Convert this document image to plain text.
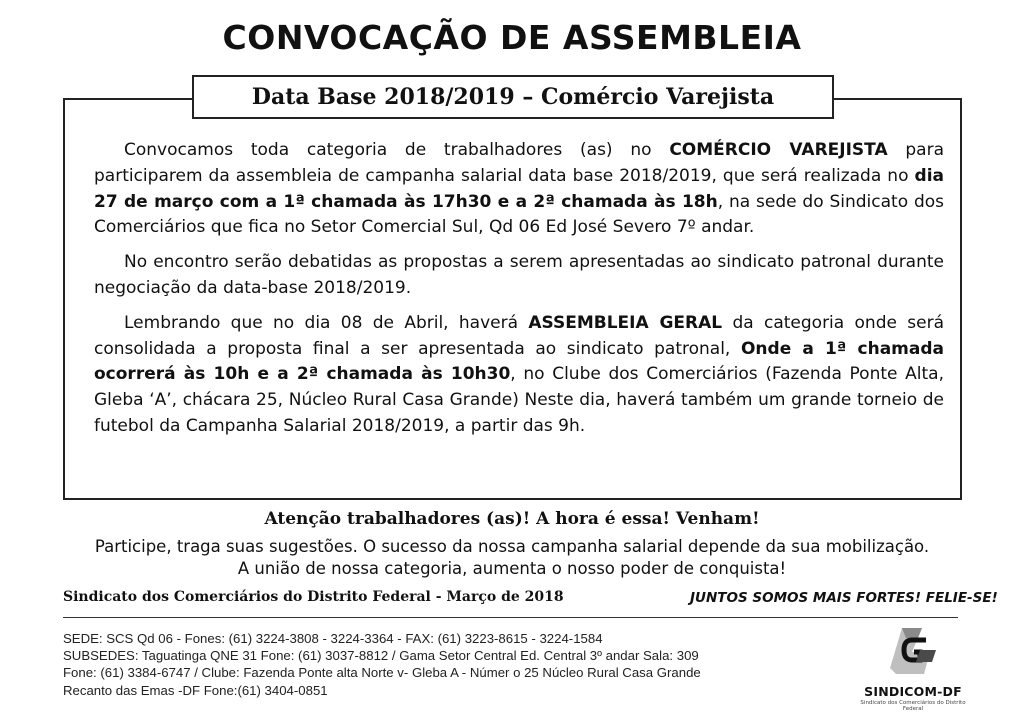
CONVOCAÇÃO DE ASSEMBLEIA
Data Base 2018/2019 – Comércio Varejista

Convocamos toda categoria de trabalhadores (as) no COMÉRCIO VAREJISTA para participarem da assembleia de campanha salarial data base 2018/2019, que será realizada no dia 27 de março com a 1ª chamada às 17h30 e a 2ª chamada às 18h, na sede do Sindicato dos Comerciários que fica no Setor Comercial Sul, Qd 06 Ed José Severo 7º andar.

No encontro serão debatidas as propostas a serem apresentadas ao sindicato patronal durante negociação da data-base 2018/2019.

Lembrando que no dia 08 de Abril, haverá ASSEMBLEIA GERAL da categoria onde será consolidada a proposta final a ser apresentada ao sindicato patronal, Onde a 1ª chamada ocorrerá às 10h e a 2ª chamada às 10h30, no Clube dos Comerciários (Fazenda Ponte Alta, Gleba ‘A’, chácara 25, Núcleo Rural Casa Grande) Neste dia, haverá também um grande torneio de futebol da Campanha Salarial 2018/2019, a partir das 9h.

Atenção trabalhadores (as)! A hora é essa! Venham!
Participe, traga suas sugestões. O sucesso da nossa campanha salarial depende da sua mobilização.
A união de nossa categoria, aumenta o nosso poder de conquista!
Sindicato dos Comerciários do Distrito Federal - Março de 2018	JUNTOS SOMOS MAIS FORTES! FELIE-SE!
SEDE: SCS Qd 06 - Fones: (61) 3224-3808 - 3224-3364 - FAX: (61) 3223-8615 - 3224-1584
SUBSEDES: Taguatinga QNE 31 Fone: (61) 3037-8812 / Gama Setor Central Ed. Central 3º andar Sala: 309
Fone: (61) 3384-6747 / Clube: Fazenda Ponte alta Norte v- Gleba A - Númer o 25 Núcleo Rural Casa Grande
Recanto das Emas -DF Fone:(61) 3404-0851	SINDICOM-DF
Sindicato dos Comerciários do Distrito Federal
